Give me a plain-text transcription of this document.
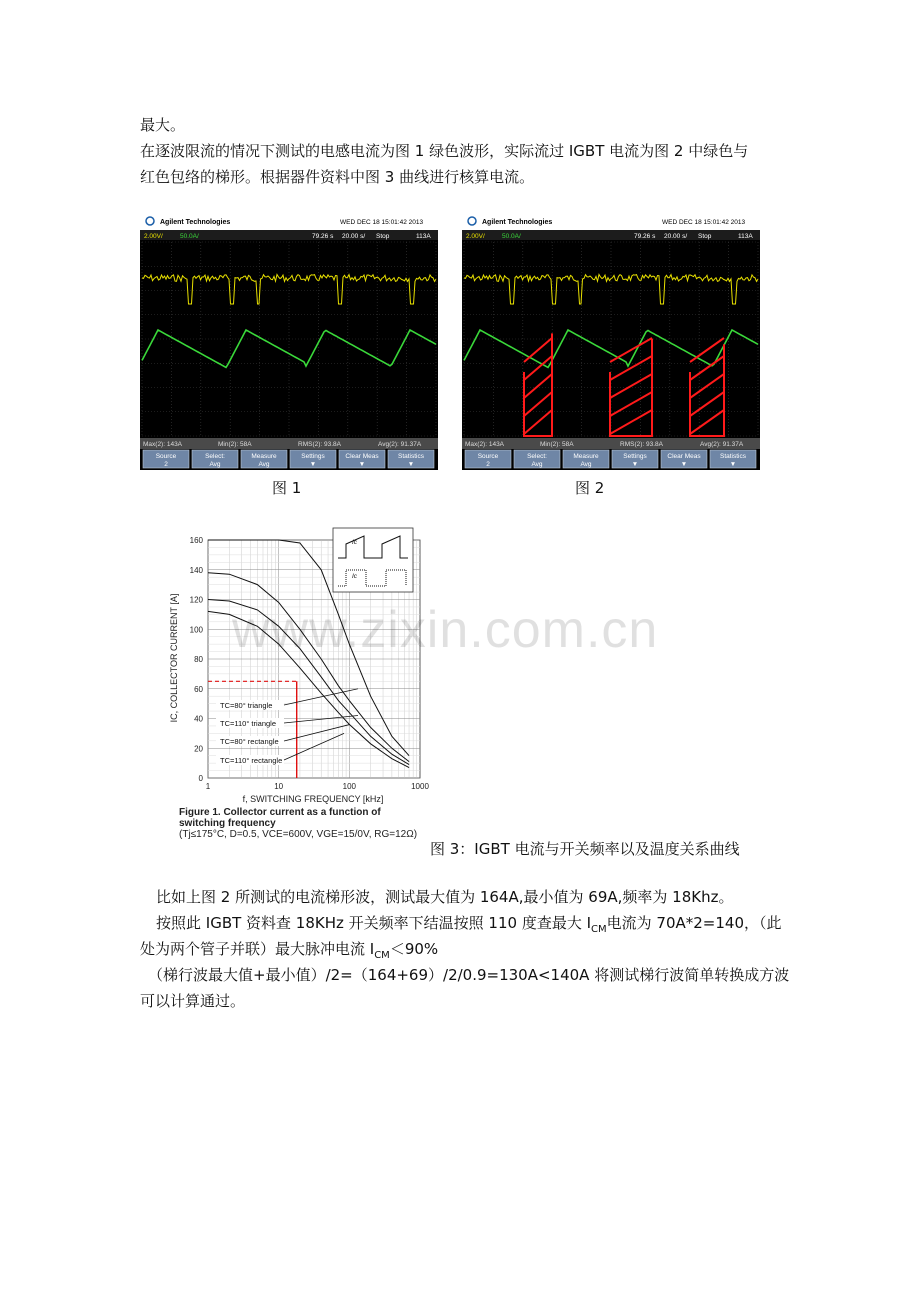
最大。
在逐波限流的情况下测试的电感电流为图 1 绿色波形，实际流过 IGBT 电流为图 2 中绿色与
红色包络的梯形。根据器件资料中图 3 曲线进行核算电流。
Agilent Technologies	WED DEC 18 15:01:42 2013
2.00V/	50.0A/	79.26 s 20.00 s/ Stop	113A
Max(2): 143A	Min(2): 58A	RMS(2): 93.8A	Avg(2): 91.37A
Source
2
Select:
Avg
Measure
Avg
Settings
▼
Clear Meas
▼
Statistics
▼
Agilent Technologies	WED DEC 18 15:01:42 2013
2.00V/	50.0A/	79.26 s 20.00 s/ Stop	113A
Max(2): 143A	Min(2): 58A	RMS(2): 93.8A	Avg(2): 91.37A
Source
2
Select:
Avg
Measure
Avg
Settings
▼
Clear Meas
▼
Statistics
▼
图 1	图 2
0
20
40
60
80
100
120
140
160
1	10	100	1000
TC=80° triangle
TC=110° triangle
TC=80° rectangle
TC=110° rectangle
Ic
Ic
f, SWITCHING FREQUENCY [kHz]
IC, COLLECTOR CURRENT [A]
Figure 1. Collector current as a function of switching frequency
(Tj≤175°C, D=0.5, VCE=600V, VGE=15/0V, RG=12Ω)
图 3：IGBT 电流与开关频率以及温度关系曲线
www.zixin.com.cn
比如上图 2 所测试的电流梯形波，测试最大值为 164A,最小值为 69A,频率为 18Khz。
按照此 IGBT 资料查 18KHz 开关频率下结温按照 110 度查最大 $I_{CM}$电流为 70A*2=140，（此
处为两个管子并联）最大脉冲电流 $I_{CM}<90\%$
（梯行波最大值+最小值）/2=（164+69）/2/0.9=130A<140A 将测试梯行波简单转换成方波
可以计算通过。
